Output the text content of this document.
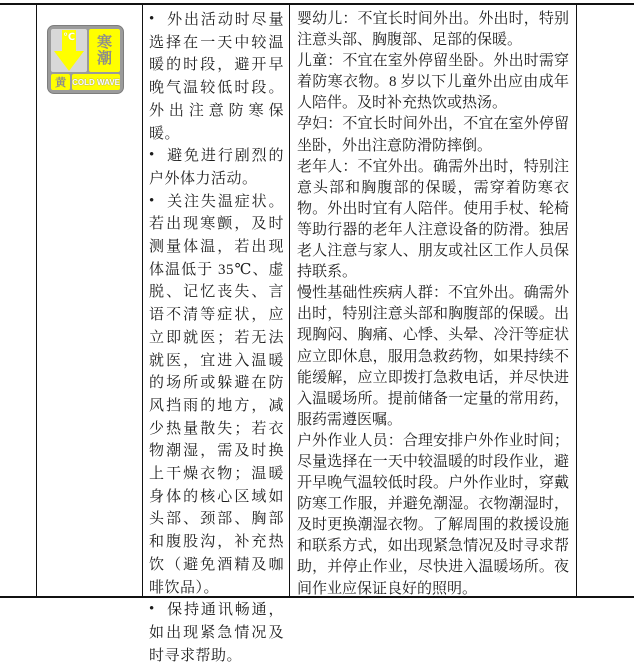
℃	寒
潮
黄 COLD WAVE

• 外出活动时尽量选择在一天中较温暖的时段，避开早晚气温较低时段。外出注意防寒保暖。

• 避免进行剧烈的户外体力活动。

• 关注失温症状。若出现寒颤，及时测量体温，若出现体温低于 35℃、虚脱、记忆丧失、言语不清等症状，应立即就医；若无法就医，宜进入温暖的场所或躲避在防风挡雨的地方，减少热量散失；若衣物潮湿，需及时换上干燥衣物；温暖身体的核心区域如头部、颈部、胸部和腹股沟，补充热饮（避免酒精及咖啡饮品）。

• 保持通讯畅通，如出现紧急情况及时寻求帮助。

婴幼儿：不宜长时间外出。外出时，特别注意头部、胸腹部、足部的保暖。

儿童：不宜在室外停留坐卧。外出时需穿着防寒衣物。8 岁以下儿童外出应由成年人陪伴。及时补充热饮或热汤。

孕妇：不宜长时间外出，不宜在室外停留坐卧，外出注意防滑防摔倒。

老年人：不宜外出。确需外出时，特别注意头部和胸腹部的保暖，需穿着防寒衣物。外出时宜有人陪伴。使用手杖、轮椅等助行器的老年人注意设备的防滑。独居老人注意与家人、朋友或社区工作人员保持联系。

慢性基础性疾病人群：不宜外出。确需外出时，特别注意头部和胸腹部的保暖。出现胸闷、胸痛、心悸、头晕、冷汗等症状应立即休息，服用急救药物，如果持续不能缓解，应立即拨打急救电话，并尽快进入温暖场所。提前储备一定量的常用药，服药需遵医嘱。

户外作业人员：合理安排户外作业时间；尽量选择在一天中较温暖的时段作业，避开早晚气温较低时段。户外作业时，穿戴防寒工作服，并避免潮湿。衣物潮湿时，及时更换潮湿衣物。了解周围的救援设施和联系方式，如出现紧急情况及时寻求帮助，并停止作业，尽快进入温暖场所。夜间作业应保证良好的照明。
